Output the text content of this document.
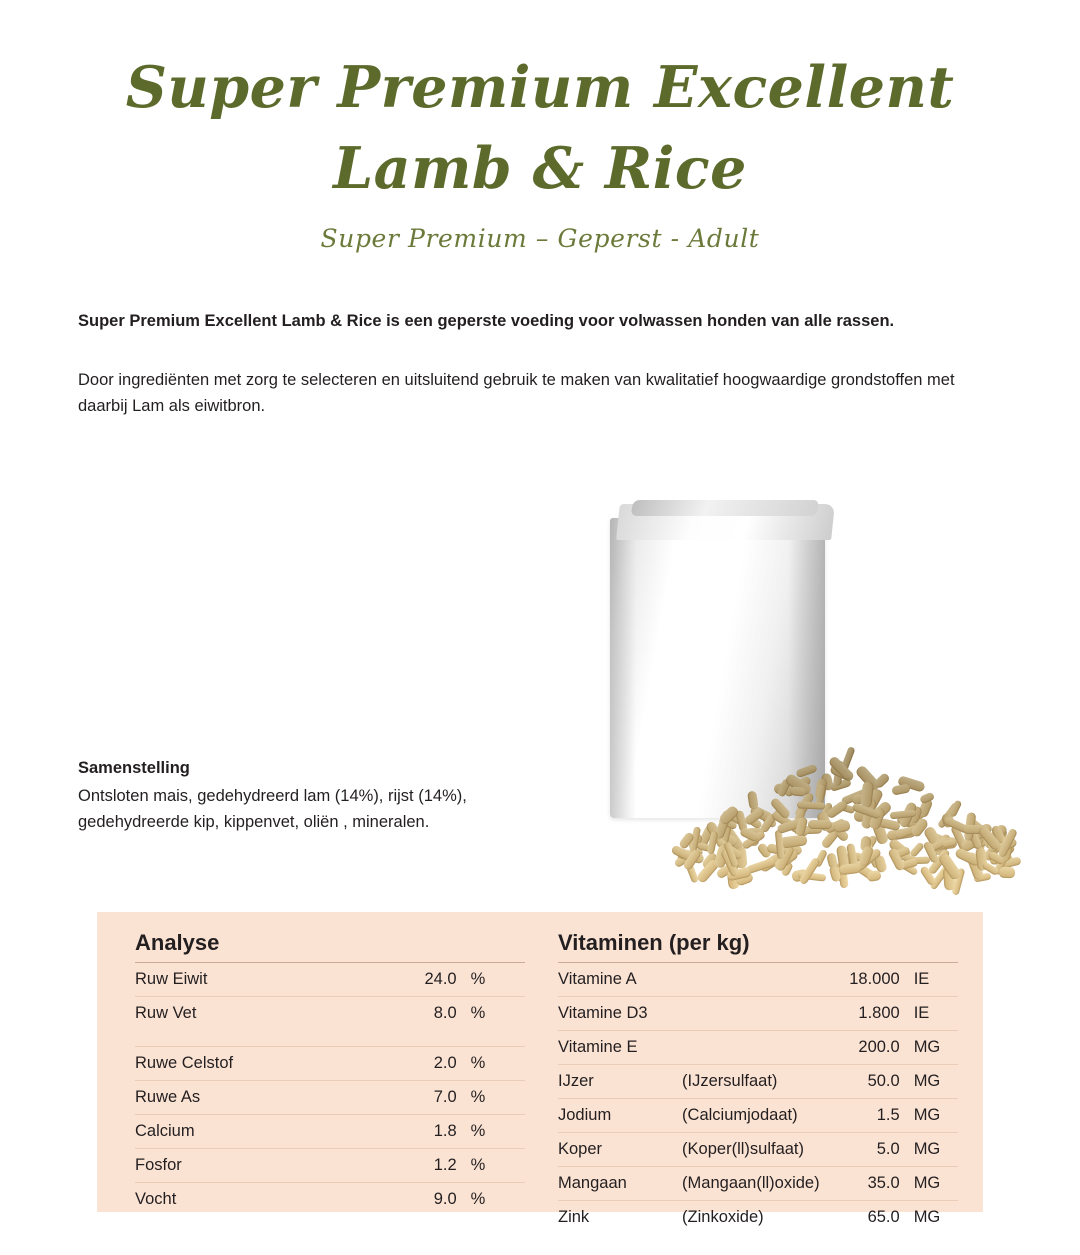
Super Premium Excellent
Lamb & Rice
Super Premium – Geperst - Adult

Super Premium Excellent Lamb & Rice is een geperste voeding voor volwassen honden van alle rassen.

Door ingrediënten met zorg te selecteren en uitsluitend gebruik te maken van kwalitatief hoogwaardige grondstoffen met daarbij Lam als eiwitbron.

Samenstelling

Ontsloten mais, gedehydreerd lam (14%), rijst (14%),

gedehydreerde kip, kippenvet, oliën , mineralen.

Analyse
Ruw Eiwit	24.0	%
Ruw Vet	8.0	%

Ruwe Celstof	2.0	%
Ruwe As	7.0	%
Calcium	1.8	%
Fosfor	1.2	%
Vocht	9.0	%
Vitaminen (per kg)
Vitamine A		18.000	IE
Vitamine D3		1.800	IE
Vitamine E		200.0	MG
IJzer	(IJzersulfaat)	50.0	MG
Jodium	(Calciumjodaat)	1.5	MG
Koper	(Koper(ll)sulfaat)	5.0	MG
Mangaan	(Mangaan(ll)oxide)	35.0	MG
Zink	(Zinkoxide)	65.0	MG
